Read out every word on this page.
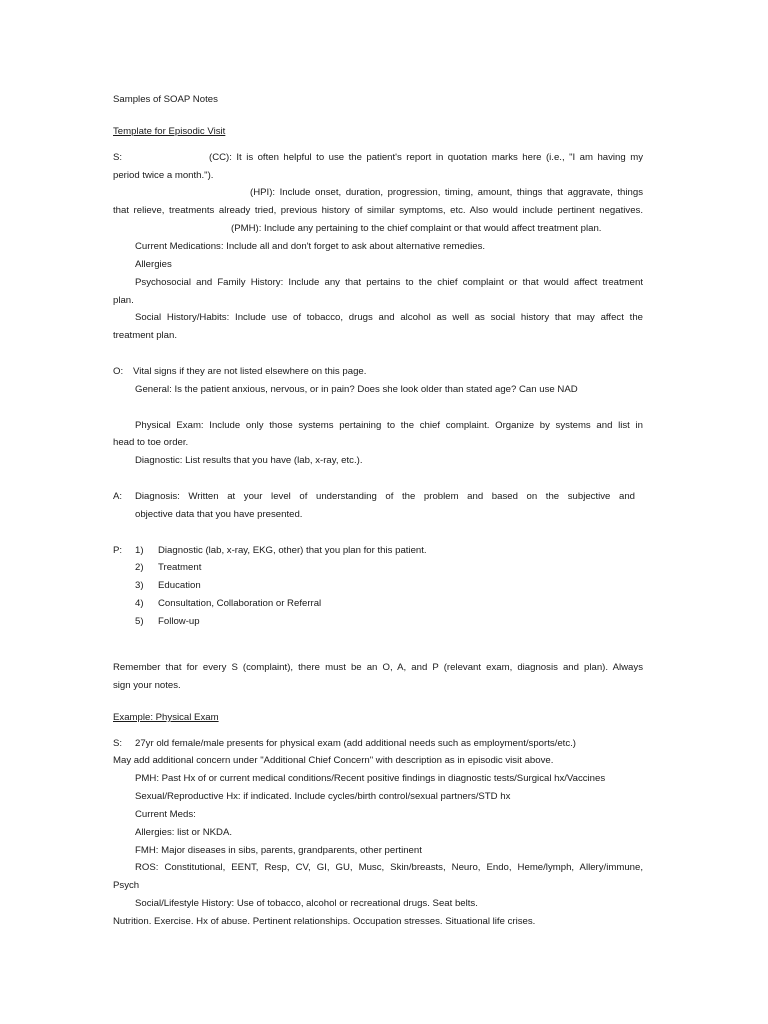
Samples of SOAP Notes
Template for Episodic Visit
S:	(CC): It is often helpful to use the patient's report in quotation marks here (i.e., "I am having my
period twice a month.").
(HPI): Include onset, duration, progression, timing, amount, things that aggravate, things
that relieve, treatments already tried, previous history of similar symptoms, etc. Also would include pertinent negatives.
(PMH): Include any pertaining to the chief complaint or that would affect treatment plan.
Current Medications: Include all and don't forget to ask about alternative remedies.
Allergies
Psychosocial and Family History: Include any that pertains to the chief complaint or that would affect treatment
plan.
Social History/Habits: Include use of tobacco, drugs and alcohol as well as social history that may affect the
treatment plan.
O: Vital signs if they are not listed elsewhere on this page.
General: Is the patient anxious, nervous, or in pain? Does she look older than stated age? Can use NAD
Physical Exam: Include only those systems pertaining to the chief complaint. Organize by systems and list in
head to toe order.
Diagnostic: List results that you have (lab, x-ray, etc.).
A: Diagnosis: Written at your level of understanding of the problem and based on the subjective and
objective data that you have presented.
P: 1) Diagnostic (lab, x-ray, EKG, other) that you plan for this patient.
2) Treatment
3) Education
4) Consultation, Collaboration or Referral
5) Follow-up
Remember that for every S (complaint), there must be an O, A, and P (relevant exam, diagnosis and plan). Always
sign your notes.
Example: Physical Exam
S: 27yr old female/male presents for physical exam (add additional needs such as employment/sports/etc.)
May add additional concern under "Additional Chief Concern" with description as in episodic visit above.
PMH: Past Hx of or current medical conditions/Recent positive findings in diagnostic tests/Surgical hx/Vaccines
Sexual/Reproductive Hx: if indicated. Include cycles/birth control/sexual partners/STD hx
Current Meds:
Allergies: list or NKDA.
FMH: Major diseases in sibs, parents, grandparents, other pertinent
ROS: Constitutional, EENT, Resp, CV, GI, GU, Musc, Skin/breasts, Neuro, Endo, Heme/lymph, Allery/immune,
Psych
Social/Lifestyle History: Use of tobacco, alcohol or recreational drugs. Seat belts.
Nutrition. Exercise. Hx of abuse. Pertinent relationships. Occupation stresses. Situational life crises.
